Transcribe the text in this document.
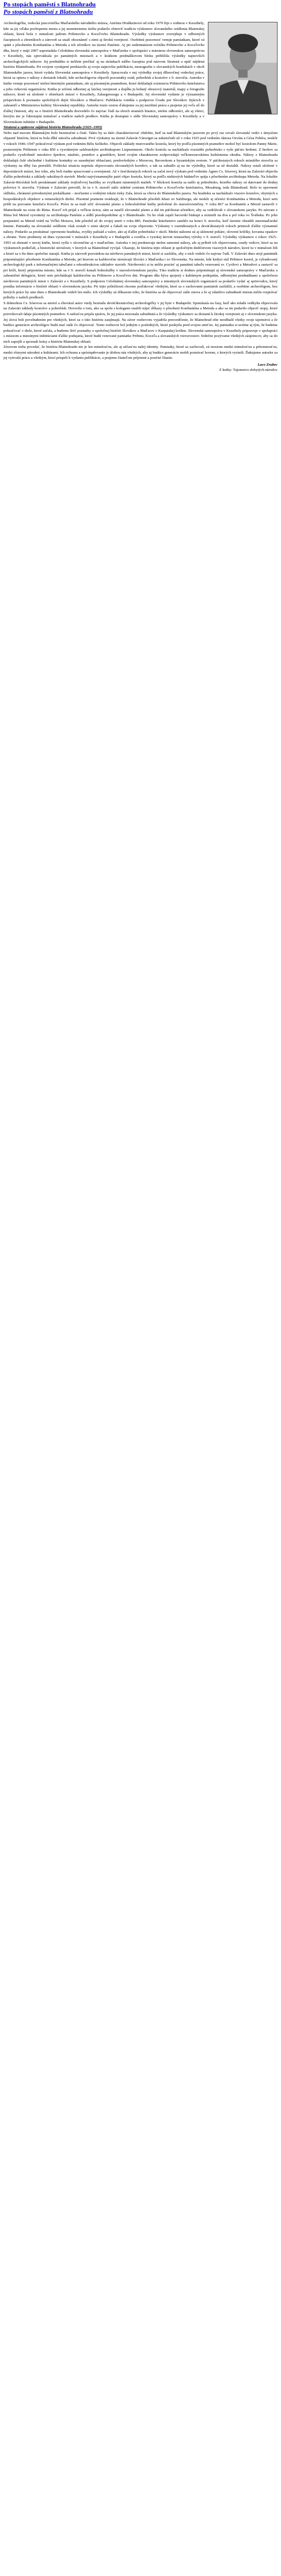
Po stopách paměstí s Blatnohradu
Po stopách paměstí z Blatnohradu

Archeologička, vedecká pracovníčka Maďarského národného múzea, Antónia Hruškeinová od roku 1979 žije s rodinou v Keszthely, kde sa jej vďaka pochopeniu mesta a jej nesmiernemu úsiliu podarilo obnoviť tradíciu výskumov slovanského osídlenia Blatenskej oblasti, ktorá bola v minulosti jadrom Pribinovho a Koceľovho Blatnohradu. Výsledky výskumov zverejňuje v odborných časopisoch a zborníkoch a zároveň sa snaží oboznámiť s nimi aj širokú verejnosť. Osobitnú pozornosť venuje pamiatkam, ktoré sú späté s pôsobením Konštantína a Metoda a ich učeníkov na území Panónie. Aj pri sedemnástom ročníku Pribinovho a Koceľovho dňa, ktorý v máji 2007 usporiadala Celoštátna slovenská samospráva v Maďarsku v spolupráci s miestnou slovenskou samosprávou v Keszthely, nás sprevádzala po pamätných miestach a v krátkom prednáškovom bloku priblížila výsledky najnovších archeologických nálezov. Jej prednášku si môžete prečítať aj na stránkach nášho časopisu pod názvom Stratená a opäť nájdená história Blatnohradu. Pri svojom vystúpení predstavila aj svoju najnovšiu publikáciu, monografiu o slovanských hradiskách v okolí Blatenského jazera, ktorú vydala Slovenská samospráva v Keszthely. Spracovala v nej výsledky svojej dlhoročnej vedeckej práce, ktorá sa opiera o nálezy z desiatok lokalít, kde archeológovia objavili pozostatky osád, pohrebísk a kostolov z 9. storočia. Autorka v knihe venuje pozornosť nielen hmotným pamiatkam, ale aj písomným prameňom, ktoré dokladajú existenciu Pribinovho kniežatstva a jeho cirkevnú organizáciu. Kniha je určená odbornej aj laickej verejnosti a dopĺňa ju bohatý obrazový materiál, mapy a fotografie nálezov, ktoré sú uložené v zbierkach múzeí v Keszthely, Zalaegerszegu a v Budapešti. Jej slovenské vydanie je významným príspevkom k poznaniu spoločných dejín Slovákov a Maďarov. Publikácia vznikla s podporou Úradu pre Slovákov žijúcich v zahraničí a Ministerstva kultúry Slovenskej republiky. Autorke touto cestou ďakujeme za jej nezištnú prácu a prajeme jej veľa síl do ďalšej činnosti, aby sa o histórii Blatnohradu dozvedelo čo najviac ľudí na oboch stranách hranice, nielen odborníci, ale aj všetci, ktorým nie je ľahostajná minulosť a tradície našich predkov. Kniha je dostupná v sídle Slovenskej samosprávy v Keszthely a v Slovenskom inštitúte v Budapešti.

Stratená a opätovne nájdená história Blatnohradu (1925–1993)

Nebo nad morom Blatenským bolo bezmračné a čisté. Takto by sa dalo charakterizovať obdobie, keď sa nad Blatenským jazerom po prvý raz ozvali slovanskí vedci s úmyslom objasniť históriu, ktorá tu bola dlhé stáročia zabudnutá. Prvé výskumy na území Zalavár-Vársziget sa uskutočnili už v roku 1925 pod vedením Jánosa Ozváta a Géza Fehéra, neskôr v rokoch 1946–1947 pokračoval výskum pod vedením Bélu Szőkeho. Objavili základy murovaného kostola, ktorý by podľa písomných prameňov mohol byť kostolom Panny Márie, postaveným Pribinom v roku 850 a vysväteným salzburským arcibiskupom Liuprammom. Okolo kostola sa nachádzalo rozsiahle pohrebisko s vyše päťsto hrobmi. Z hrobov sa podarilo vyzdvihnúť množstvo šperkov, náušníc, prsteňov a gombíkov, ktoré svojím charakterom zodpovedajú veľkomoravskému kultúrnemu okruhu. Nálezy z Blatnohradu dokladajú čulé obchodné i kultúrne kontakty so susednými oblasťami, predovšetkým s Moravou, Bavorskom a byzantským svetom. V päťdesiatych rokoch minulého storočia sa výskumy na dlhý čas prerušili. Politická situácia nepriala objavovaniu slovanských koreňov, a tak sa zabudlo aj na tie výsledky, ktoré sa už dosiahli. Nálezy ostali uložené v depozitároch múzeí, bez toho, aby boli riadne spracované a zverejnené. Až v šesťdesiatych rokoch sa začal nový výskum pod vedením Ágnes Cs. Sósovej, ktorá na Zalavári objavila ďalšie pohrebiská a základy sakrálnych stavieb. Medzi najvýznamnejšie patrí objav kostola, ktorý sa podľa niektorých bádateľov spája s pôsobením arcibiskupa Metoda. Na lokalite Zalavár-Récéskút boli preskúmané základy trojloďovej baziliky so zvyškami nástenných malieb. V blízkosti kostola sa našlo aj pohrebisko, ktorého nálezy sú datované do druhej polovice 9. storočia. Výskum v Zalavári potvrdil, že tu v 9. storočí stálo sídelné centrum Pribinovho a Koceľovho kniežatstva, Mosaburg, teda Blatnohrad. Bolo to opevnené sídlisko, chránené prirodzenými prekážkami – močiarmi a vodnými tokmi rieky Zala, ktorá sa vlieva do Blatenského jazera. Na hradisku sa nachádzalo viacero kostolov, obytných a hospodárskych objektov a remeselných dielní. Písomné pramene uvádzajú, že v Blatnohrade pôsobili kňazi zo Salzburgu, ale neskôr aj učeníci Konštantína a Metoda, ktorí sem prišli na pozvanie kniežaťa Koceľa. Práve tu sa mali učiť slovanské písmo a bohoslužobné knihy preložené do staroslovienčiny. V roku 867 sa Konštantín a Metod zastavili v Blatnohrade na ceste do Ríma. Koceľ ich prijal s veľkou úctou, sám sa naučil slovanské písmo a dal im päťdesiat učeníkov, aby sa vzdelávali v slovanskom jazyku. Po návrate z Ríma bol Metod vysvätený za arcibiskupa Panónie a sídlil pravdepodobne aj v Blatnohrade. Tu ho však zajali bavorskí biskupi a uväznili na dva a pol roka vo Švábsku. Po jeho prepustení sa Metod vrátil na Veľkú Moravu, kde pôsobil až do svojej smrti v roku 885. Panónske kniežatstvo zaniklo na konci 9. storočia, keď územie obsadili staromaďarské kmene. Pamiatky na slovanské osídlenie však zostali v zemi ukryté a čakali na svoje objavenie. Výskumy v osemdesiatych a deväťdesiatych rokoch priniesli ďalšie významné nálezy. Podarilo sa preskúmať opevnenie hradiska, zvyšky palisád a valov, ako aj ďalšie pohrebiská v okolí. Medzi nálezmi sú aj sklenené poháre, olovené krížiky, kovania opaskov a zbrane. Tieto predmety sú dnes vystavené v múzeách v Keszthely a v Budapešti a svedčia o vysokej úrovni remeselnej výroby v 9. storočí. Výsledky výskumov z rokov 1925–1993 sú zhrnuté v novej knihe, ktorá vyšla v slovenčine aj v maďarčine. Autorka v nej predstavuje nielen samotné nálezy, ale aj príbeh ich objavovania, osudy vedcov, ktorí sa na výskumoch podieľali, a historické súvislosti, v ktorých sa Blatnohrad vyvíjal. Ukazuje, že história tejto oblasti je spoločným dedičstvom viacerých národov, ktoré tu v minulosti žili a ktoré sa o ňu dnes spoločne starajú. Kniha je zároveň pozvánkou na návštevu pamätných miest, ktoré si zaslúžia, aby o nich vedelo čo najviac ľudí. V Zalavári dnes stojí pamätník pripomínajúci pôsobenie Konštantína a Metoda, pri ktorom sa každoročne stretávajú Slováci z Maďarska i zo Slovenska. Na mieste, kde kedysi stál Pribinov kostol, je vybudovaný archeologický park s informačnými tabuľami a rekonštrukciou základov stavieb. Návštevníci si tu môžu pozrieť aj pamätnú tabuľu venovanú sv. Cyrilovi a Metodovi a zastaviť sa pri kríži, ktorý pripomína miesto, kde sa v 9. storočí konali bohoslužby v staroslovienskom jazyku. Túto tradíciu si dodnes pripomínajú aj slovenské samosprávy v Maďarsku a zahraničné delegácie, ktoré sem prichádzajú každoročne na Pribinove a Koceľove dni. Program dňa býva spojený s kultúrnym podujatím, odbornými prednáškami a spoločnou návštevou pamätných miest v Zalavári a v Keszthely. S podporou Celoštátnej slovenskej samosprávy a miestnych slovenských organizácií sa podarilo vydať aj sprievodcu, ktorý ponúka informácie o histórii oblasti v slovenskom jazyku. Pri tejto príležitosti chceme poďakovať všetkým, ktorí sa o zachovanie pamiatok zaslúžili, a osobitne archeológom, bez ktorých práce by sme dnes o Blatnohrade vedeli len málo. Ich výsledky sú dôkazom toho, že história sa dá objavovať stále znova a že aj zdanlivo zabudnuté miesta môžu rozprávať príbehy o našich predkoch.

S doktorkou Cs. Sósovou sa stretol a zhováral autor vtedy bezmála deväťdesiatročnej archeologičky v jej byte v Budapešti. Spomínala na časy, keď ako mladá vedkyňa objavovala na Zalavári základy kostolov a pohrebísk. Hovorila o tom, ako sa spolu s kolegami snažili nájsť dôkazy o pôsobení Konštantína a Metoda a ako sa im podarilo objaviť stopy, ktoré potvrdzovali údaje písomných prameňov. S radosťou prijala správu, že jej práca nezostala zabudnutá a že výsledky výskumov sa dostanú k širokej verejnosti aj v slovenskom jazyku. Jej slová boli povzbudením pre všetkých, ktorí sa o túto históriu zaujímajú. Na záver rozhovoru vyjadrila presvedčenie, že Blatnohrad ešte neodhalil všetky svoje tajomstvá a že budúce generácie archeológov budú mať stále čo objavovať. Tento rozhovor bol jedným z posledných, ktoré poskytla pred svojou smrťou. Jej pamiatku si uctíme aj tým, že budeme pokračovať v diele, ktoré začala, a budeme šíriť poznatky o spoločnej histórii Slovákov a Maďarov v Karpatskej kotline. Slovenská samospráva v Keszthely pripravuje v spolupráci s múzeom a miestnymi inštitúciami ďalšie podujatia, ktoré budú venované pamiatke Pribinu, Koceľa a slovanských vierozvestov. Srdečne pozývame všetkých záujemcov, aby sa do nich zapojili a spoznali krásy a históriu Blatenskej oblasti.

Záverom treba povedať, že história Blatnohradu nie je len minulosťou, ale aj súčasťou našej identity. Pamiatky, ktoré sa zachovali, sú mostom medzi minulosťou a prítomnosťou, medzi rôznymi národmi a kultúrami. Ich ochrana a sprístupňovanie je úlohou nás všetkých, aby aj budúce generácie mohli poznávať korene, z ktorých vyrástli. Ďakujeme autorke za jej vytrvalú prácu a všetkým, ktorí prispeli k vydaniu publikácie, a prajeme čitateľom príjemné a poučné čítanie.

Laco Zrubec
Z knihy: Tajomstvo dobytých národov
